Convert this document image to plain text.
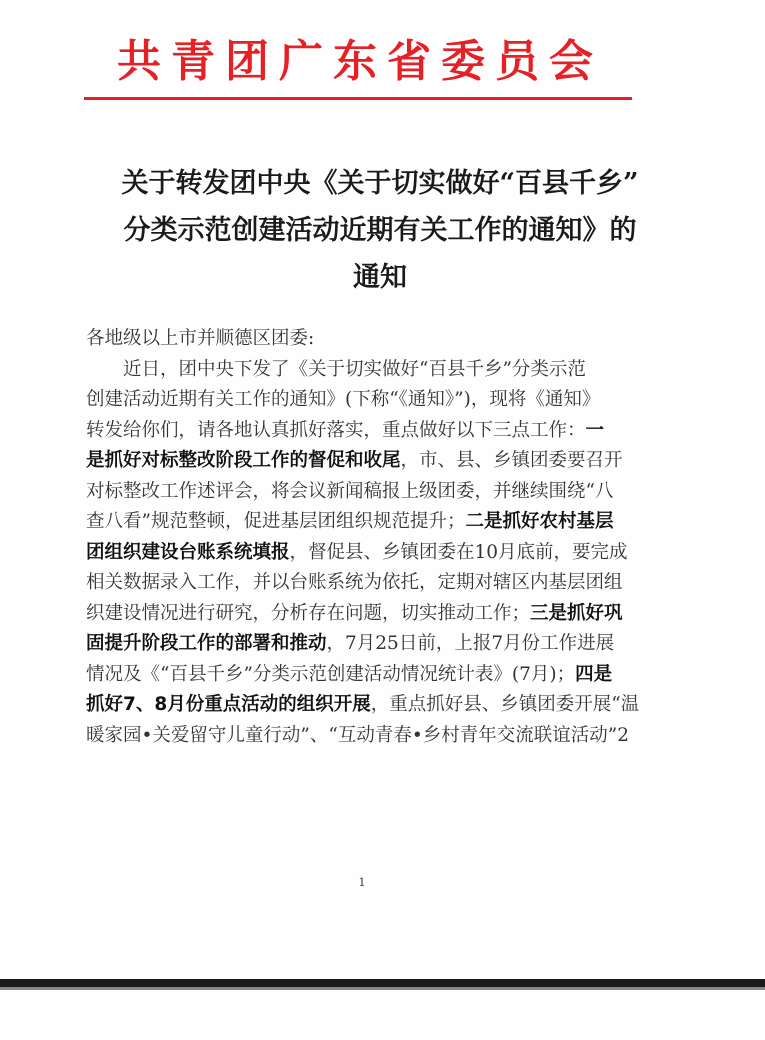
共青团广东省委员会
关于转发团中央《关于切实做好“百县千乡”
分类示范创建活动近期有关工作的通知》的
通知
各地级以上市并顺德区团委:
　　近日，团中央下发了《关于切实做好“百县千乡”分类示范
创建活动近期有关工作的通知》(下称“《通知》”)，现将《通知》
转发给你们，请各地认真抓好落实，重点做好以下三点工作：一
是抓好对标整改阶段工作的督促和收尾，市、县、乡镇团委要召开
对标整改工作述评会，将会议新闻稿报上级团委，并继续围绕“八
查八看”规范整顿，促进基层团组织规范提升；二是抓好农村基层
团组织建设台账系统填报，督促县、乡镇团委在10月底前，要完成
相关数据录入工作，并以台账系统为依托，定期对辖区内基层团组
织建设情况进行研究，分析存在问题，切实推动工作；三是抓好巩
固提升阶段工作的部署和推动，7月25日前，上报7月份工作进展
情况及《“百县千乡”分类示范创建活动情况统计表》(7月)；四是
抓好7、8月份重点活动的组织开展，重点抓好县、乡镇团委开展“温
暖家园•关爱留守儿童行动”、“互动青春•乡村青年交流联谊活动”2
1
